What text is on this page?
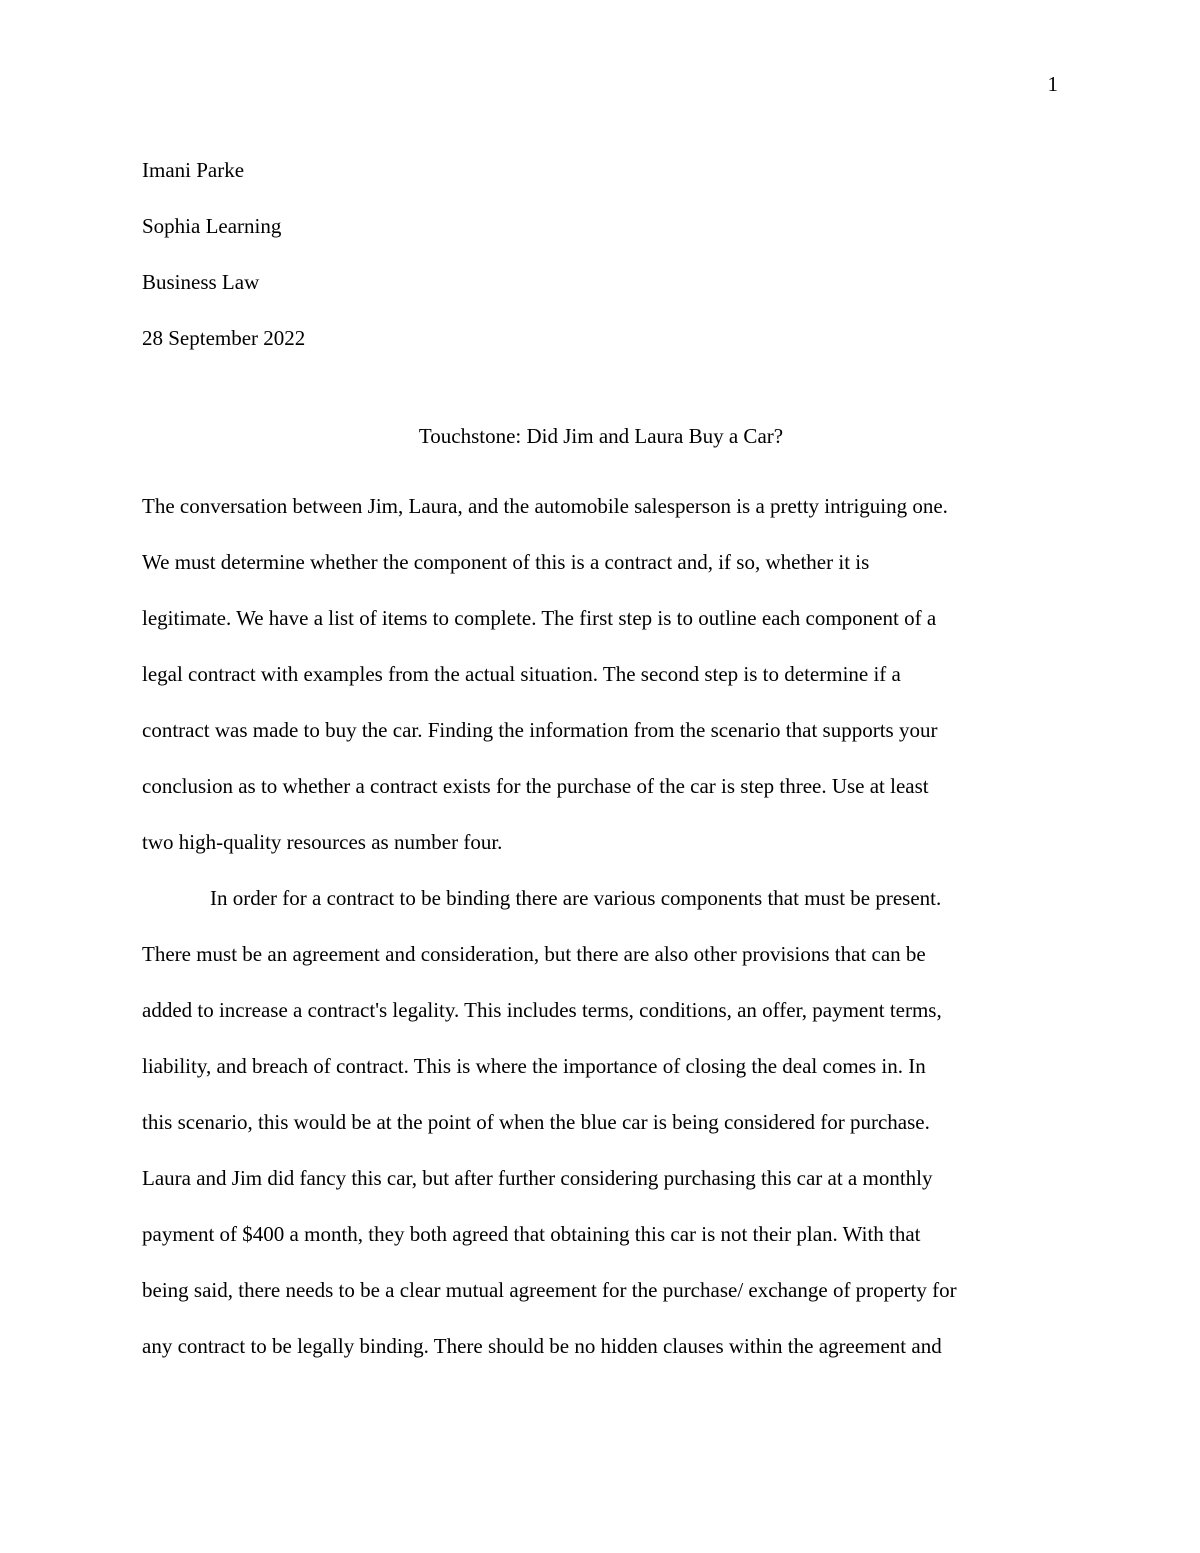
1
Imani Parke
Sophia Learning
Business Law
28 September 2022
Touchstone: Did Jim and Laura Buy a Car?
The conversation between Jim, Laura, and the automobile salesperson is a pretty intriguing one.
We must determine whether the component of this is a contract and, if so, whether it is
legitimate. We have a list of items to complete. The first step is to outline each component of a
legal contract with examples from the actual situation. The second step is to determine if a
contract was made to buy the car. Finding the information from the scenario that supports your
conclusion as to whether a contract exists for the purchase of the car is step three. Use at least
two high-quality resources as number four.
In order for a contract to be binding there are various components that must be present.
There must be an agreement and consideration, but there are also other provisions that can be
added to increase a contract's legality. This includes terms, conditions, an offer, payment terms,
liability, and breach of contract. This is where the importance of closing the deal comes in. In
this scenario, this would be at the point of when the blue car is being considered for purchase.
Laura and Jim did fancy this car, but after further considering purchasing this car at a monthly
payment of $400 a month, they both agreed that obtaining this car is not their plan. With that
being said, there needs to be a clear mutual agreement for the purchase/ exchange of property for
any contract to be legally binding. There should be no hidden clauses within the agreement and
